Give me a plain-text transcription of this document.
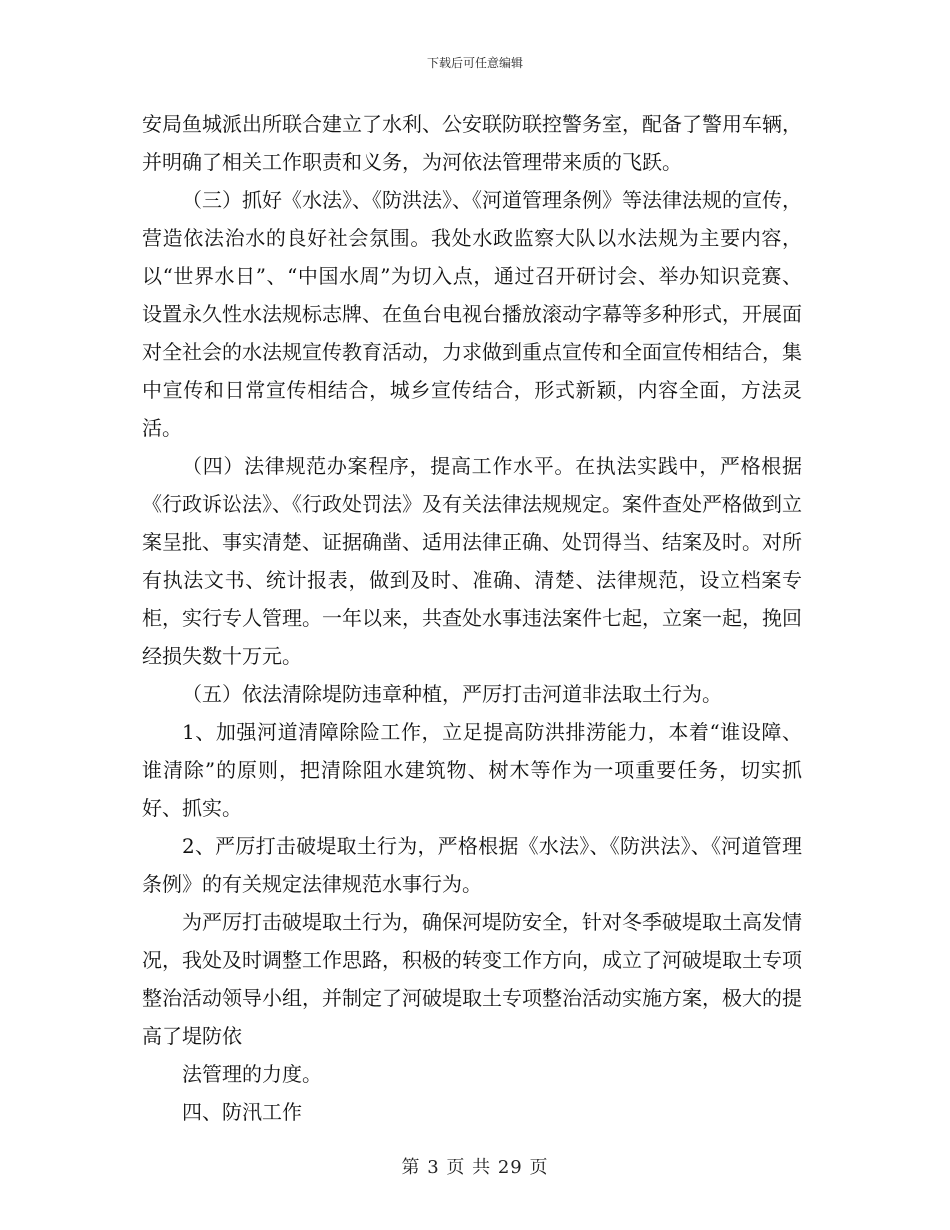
下载后可任意编辑

安局鱼城派出所联合建立了水利、公安联防联控警务室，配备了警用车辆，并明确了相关工作职责和义务，为河依法管理带来质的飞跃。

（三）抓好《水法》、《防洪法》、《河道管理条例》等法律法规的宣传，营造依法治水的良好社会氛围。我处水政监察大队以水法规为主要内容，以“世界水日”、“中国水周”为切入点，通过召开研讨会、举办知识竞赛、设置永久性水法规标志牌、在鱼台电视台播放滚动字幕等多种形式，开展面对全社会的水法规宣传教育活动，力求做到重点宣传和全面宣传相结合，集中宣传和日常宣传相结合，城乡宣传结合，形式新颖，内容全面，方法灵活。

（四）法律规范办案程序，提高工作水平。在执法实践中，严格根据《行政诉讼法》、《行政处罚法》及有关法律法规规定。案件查处严格做到立案呈批、事实清楚、证据确凿、适用法律正确、处罚得当、结案及时。对所有执法文书、统计报表，做到及时、准确、清楚、法律规范，设立档案专柜，实行专人管理。一年以来，共查处水事违法案件七起，立案一起，挽回经损失数十万元。

（五）依法清除堤防违章种植，严厉打击河道非法取土行为。

1、加强河道清障除险工作，立足提高防洪排涝能力，本着“谁设障、谁清除”的原则，把清除阻水建筑物、树木等作为一项重要任务，切实抓好、抓实。

2、严厉打击破堤取土行为，严格根据《水法》、《防洪法》、《河道管理条例》的有关规定法律规范水事行为。

为严厉打击破堤取土行为，确保河堤防安全，针对冬季破堤取土高发情况，我处及时调整工作思路，积极的转变工作方向，成立了河破堤取土专项整治活动领导小组，并制定了河破堤取土专项整治活动实施方案，极大的提高了堤防依

法管理的力度。

四、防汛工作

第 3 页 共 29 页
